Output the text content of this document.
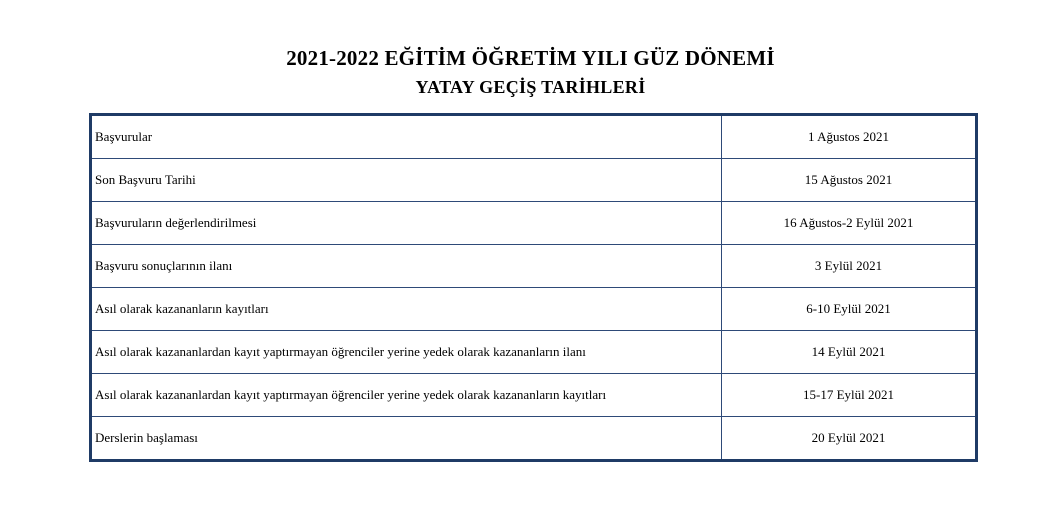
2021-2022 EĞİTİM ÖĞRETİM YILI GÜZ DÖNEMİ
YATAY GEÇİŞ TARİHLERİ
Başvurular	1 Ağustos 2021
Son Başvuru Tarihi	15 Ağustos 2021
Başvuruların değerlendirilmesi	16 Ağustos-2 Eylül 2021
Başvuru sonuçlarının ilanı	3 Eylül 2021
Asıl olarak kazananların kayıtları	6-10 Eylül 2021
Asıl olarak kazananlardan kayıt yaptırmayan öğrenciler yerine yedek olarak kazananların ilanı	14 Eylül 2021
Asıl olarak kazananlardan kayıt yaptırmayan öğrenciler yerine yedek olarak kazananların kayıtları	15-17 Eylül 2021
Derslerin başlaması	20 Eylül 2021
